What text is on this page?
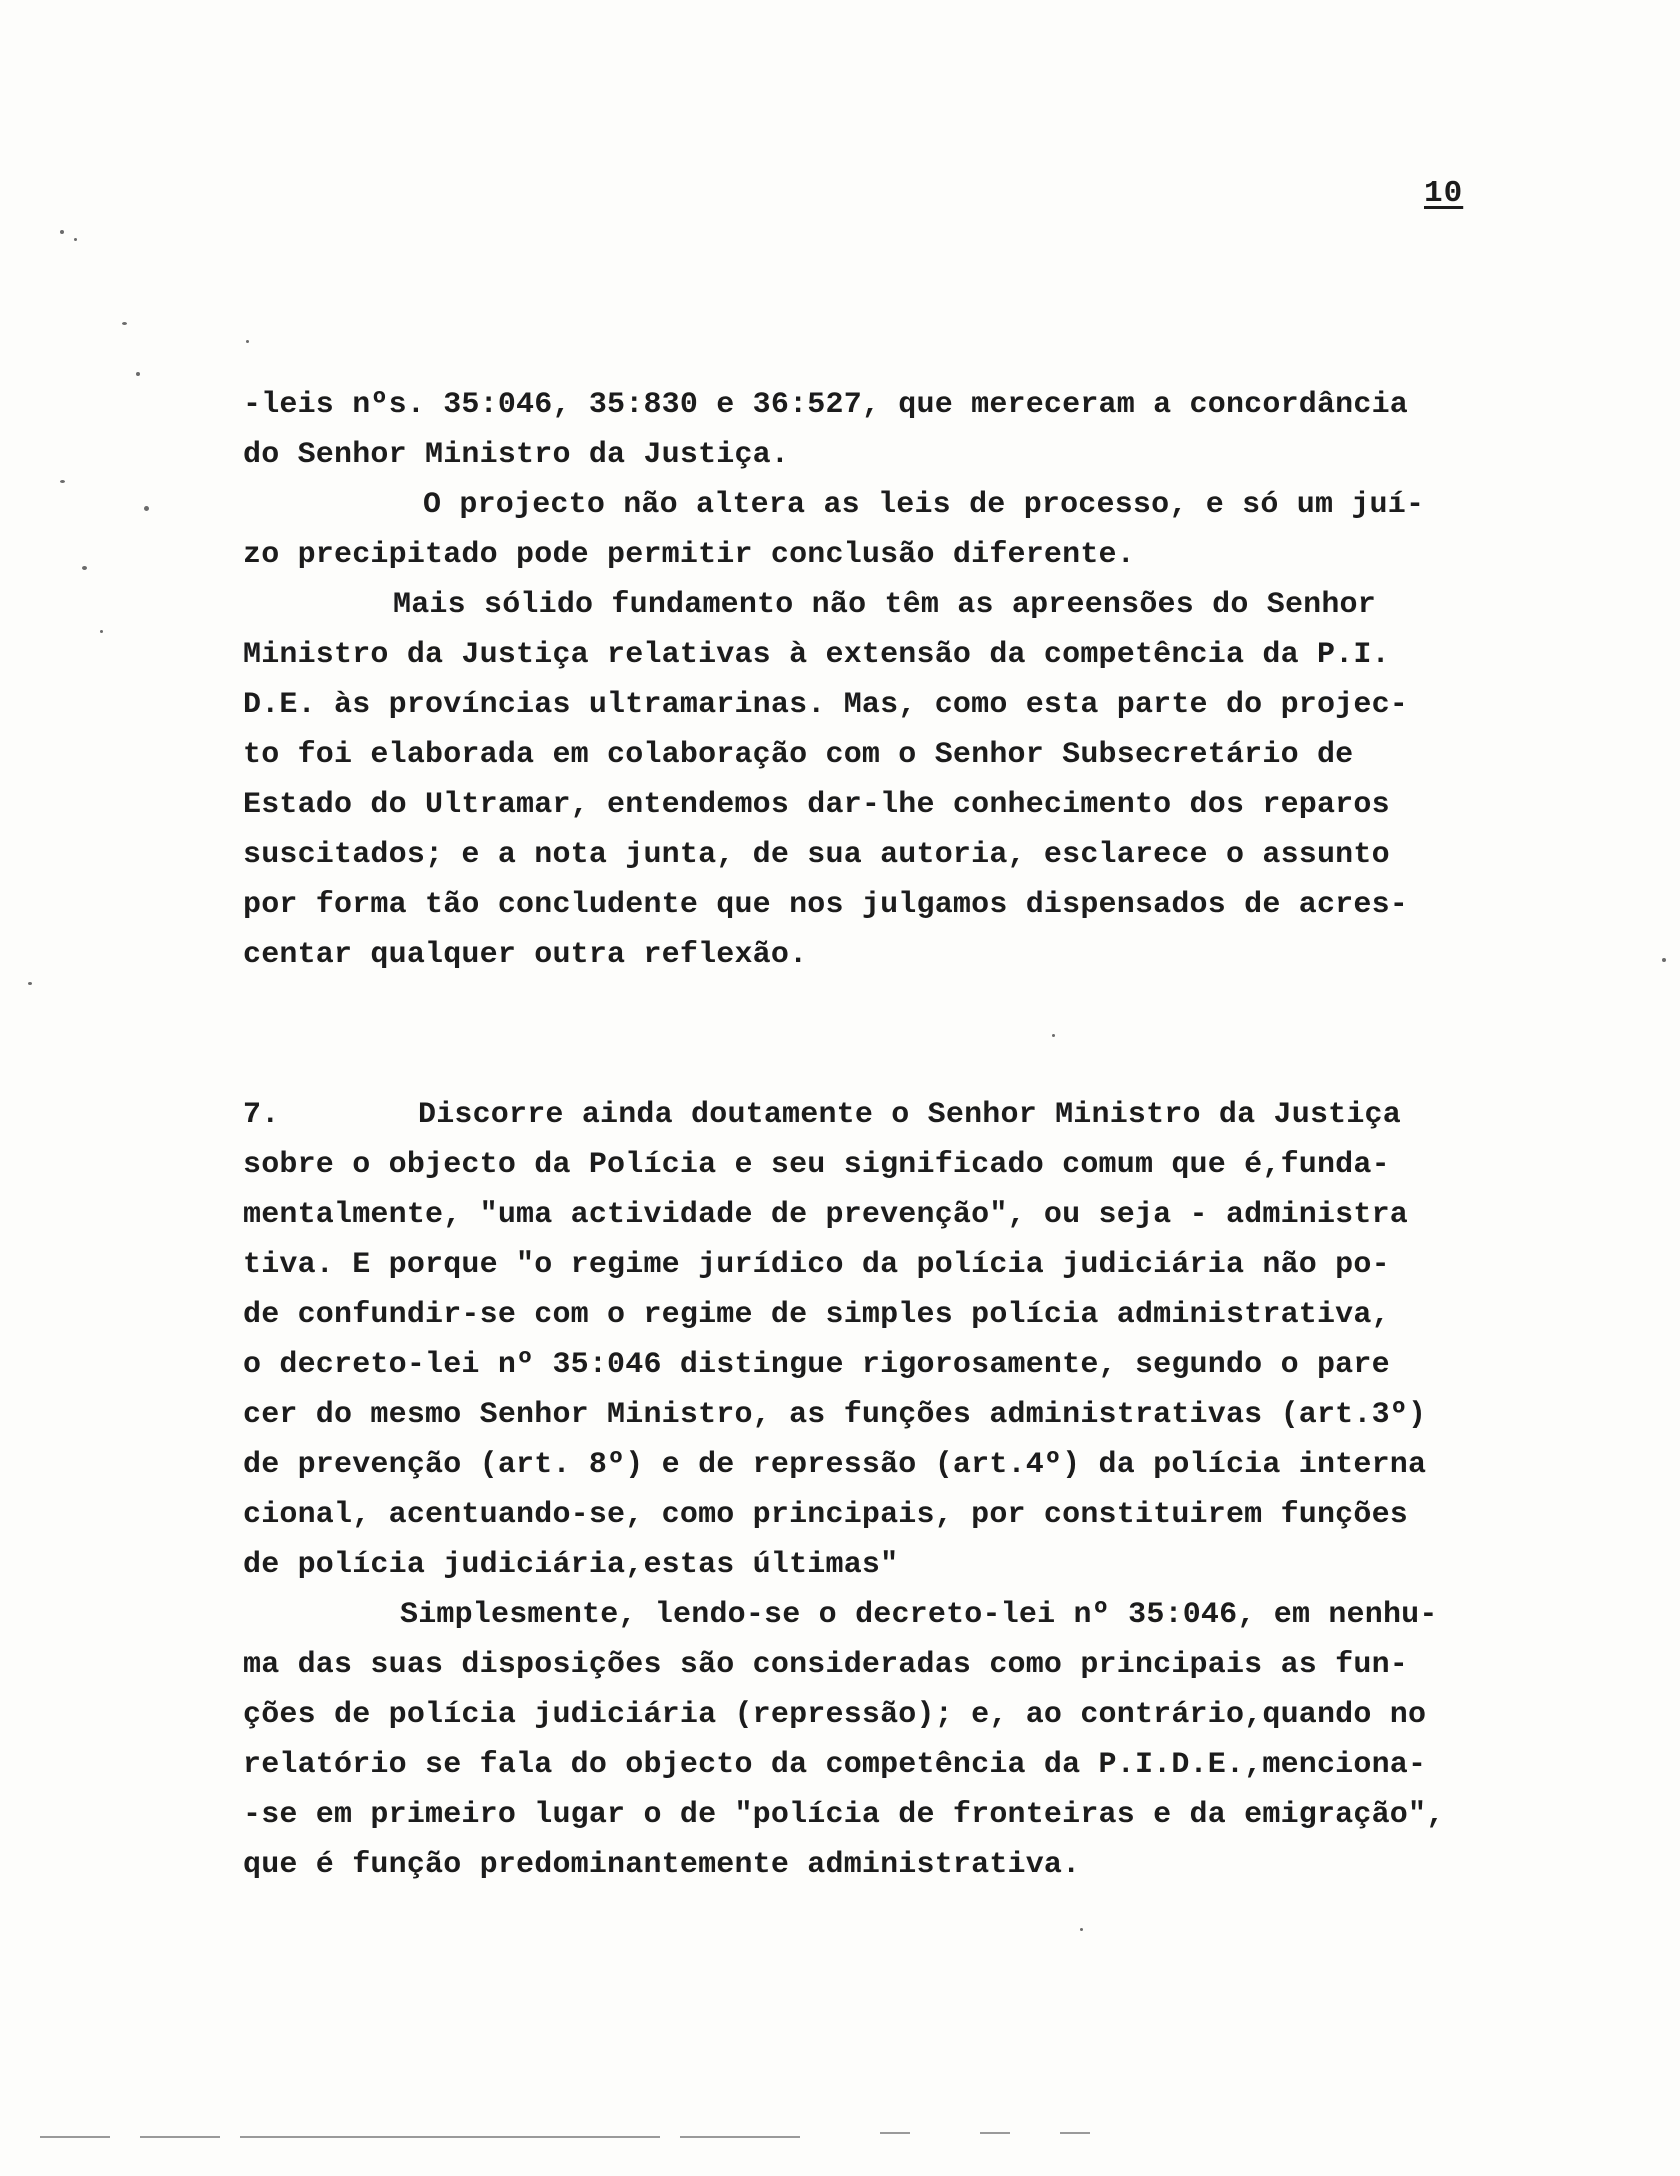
10
-leis nºs. 35:046, 35:830 e 36:527, que mereceram a concordância
do Senhor Ministro da Justiça.
O projecto não altera as leis de processo, e só um juí-
zo precipitado pode permitir conclusão diferente.
Mais sólido fundamento não têm as apreensões do Senhor
Ministro da Justiça relativas à extensão da competência da P.I.
D.E. às províncias ultramarinas. Mas, como esta parte do projec-
to foi elaborada em colaboração com o Senhor Subsecretário de
Estado do Ultramar, entendemos dar-lhe conhecimento dos reparos
suscitados; e a nota junta, de sua autoria, esclarece o assunto
por forma tão concludente que nos julgamos dispensados de acres-
centar qualquer outra reflexão.
7.	Discorre ainda doutamente o Senhor Ministro da Justiça
sobre o objecto da Polícia e seu significado comum que é,funda-
mentalmente, "uma actividade de prevenção", ou seja - administra
tiva. E porque "o regime jurídico da polícia judiciária não po-
de confundir-se com o regime de simples polícia administrativa,
o decreto-lei nº 35:046 distingue rigorosamente, segundo o pare
cer do mesmo Senhor Ministro, as funções administrativas (art.3º)
de prevenção (art. 8º) e de repressão (art.4º) da polícia interna
cional, acentuando-se, como principais, por constituirem funções
de polícia judiciária,estas últimas"
Simplesmente, lendo-se o decreto-lei nº 35:046, em nenhu-
ma das suas disposições são consideradas como principais as fun-
ções de polícia judiciária (repressão); e, ao contrário,quando no
relatório se fala do objecto da competência da P.I.D.E.,menciona-
-se em primeiro lugar o de "polícia de fronteiras e da emigração",
que é função predominantemente administrativa.
